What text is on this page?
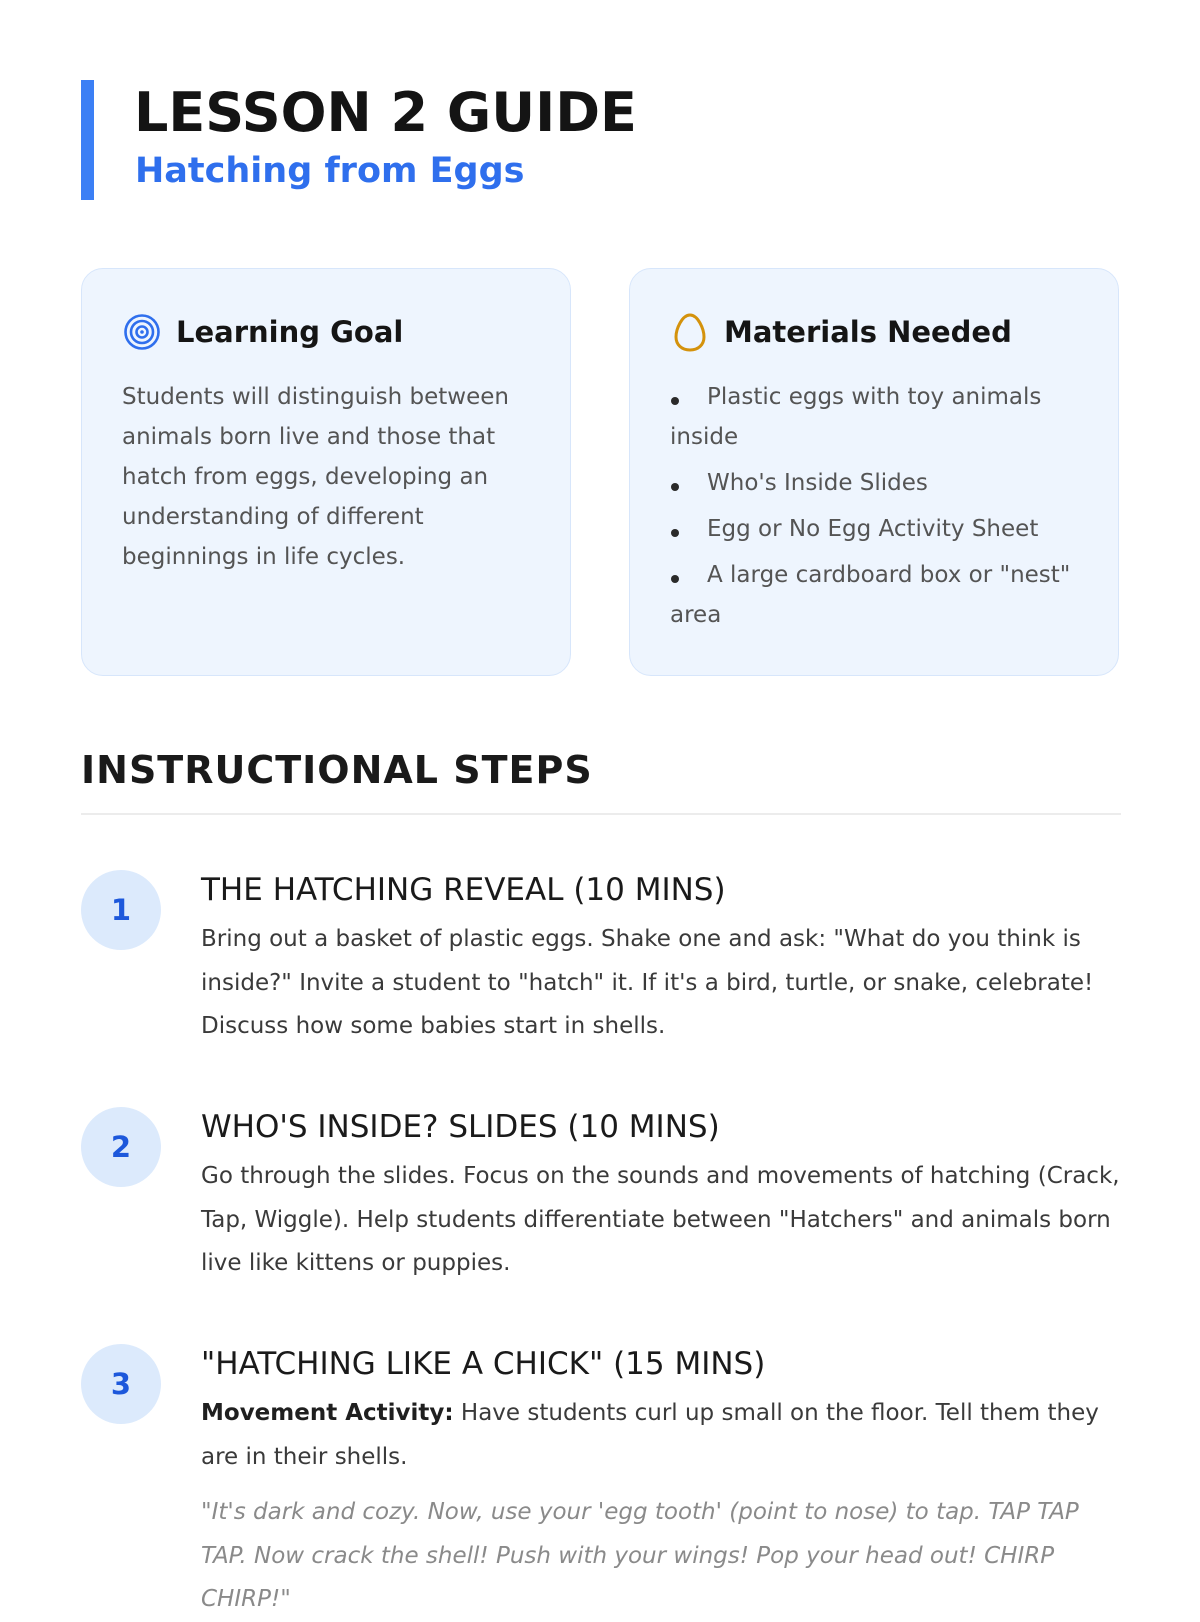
LESSON 2 GUIDE
Hatching from Eggs
Learning Goal

Students will distinguish between animals born live and those that hatch from eggs, developing an understanding of different beginnings in life cycles.

Materials Needed
Plastic eggs with toy animals inside
Who's Inside Slides
Egg or No Egg Activity Sheet
A large cardboard box or "nest" area
INSTRUCTIONAL STEPS
1
THE HATCHING REVEAL (10 MINS)

Bring out a basket of plastic eggs. Shake one and ask: "What do you think is inside?" Invite a student to "hatch" it. If it's a bird, turtle, or snake, celebrate! Discuss how some babies start in shells.

2
WHO'S INSIDE? SLIDES (10 MINS)

Go through the slides. Focus on the sounds and movements of hatching (Crack, Tap, Wiggle). Help students differentiate between "Hatchers" and animals born live like kittens or puppies.

3
"HATCHING LIKE A CHICK" (15 MINS)

Movement Activity: Have students curl up small on the floor. Tell them they are in their shells.

"It's dark and cozy. Now, use your 'egg tooth' (point to nose) to tap. TAP TAP TAP. Now crack the shell! Push with your wings! Pop your head out! CHIRP CHIRP!"
